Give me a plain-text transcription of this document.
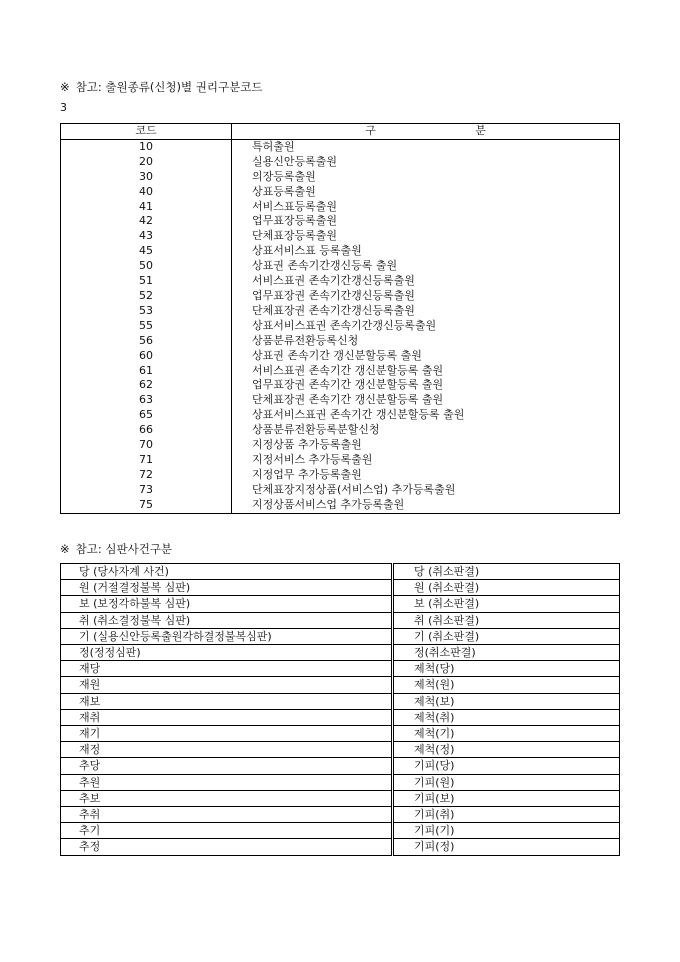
※ 참고: 출원종류(신청)별 권리구분코드
3
코드	구 분
10	특허출원
20	실용신안등록출원
30	의장등록출원
40	상표등록출원
41	서비스표등록출원
42	업무표장등록출원
43	단체표장등록출원
45	상표서비스표 등록출원
50	상표권 존속기간갱신등록 출원
51	서비스표권 존속기간갱신등록출원
52	업무표장권 존속기간갱신등록출원
53	단체표장권 존속기간갱신등록출원
55	상표서비스표권 존속기간갱신등록출원
56	상품분류전환등록신청
60	상표권 존속기간 갱신분할등록 출원
61	서비스표권 존속기간 갱신분할등록 출원
62	업무표장권 존속기간 갱신분할등록 출원
63	단체표장권 존속기간 갱신분할등록 출원
65	상표서비스표권 존속기간 갱신분할등록 출원
66	상품분류전환등록분할신청
70	지정상품 추가등록출원
71	지정서비스 추가등록출원
72	지정업무 추가등록출원
73	단체표장지정상품(서비스업) 추가등록출원
75	지정상품서비스업 추가등록출원
※ 참고: 심판사건구분
당 (당사자계 사건)	당 (취소판결)
원 (거절결정불복 심판)	원 (취소판결)
보 (보정각하불복 심판)	보 (취소판결)
취 (취소결정불복 심판)	취 (취소판결)
기 (실용신안등록출원각하결정불복심판)	기 (취소판결)
정(정정심판)	정(취소판결)
재당	제척(당)
재원	제척(원)
재보	제척(보)
재취	제척(취)
재기	제척(기)
재정	제척(정)
추당	기피(당)
추원	기피(원)
추보	기피(보)
추취	기피(취)
추기	기피(기)
추정	기피(정)
